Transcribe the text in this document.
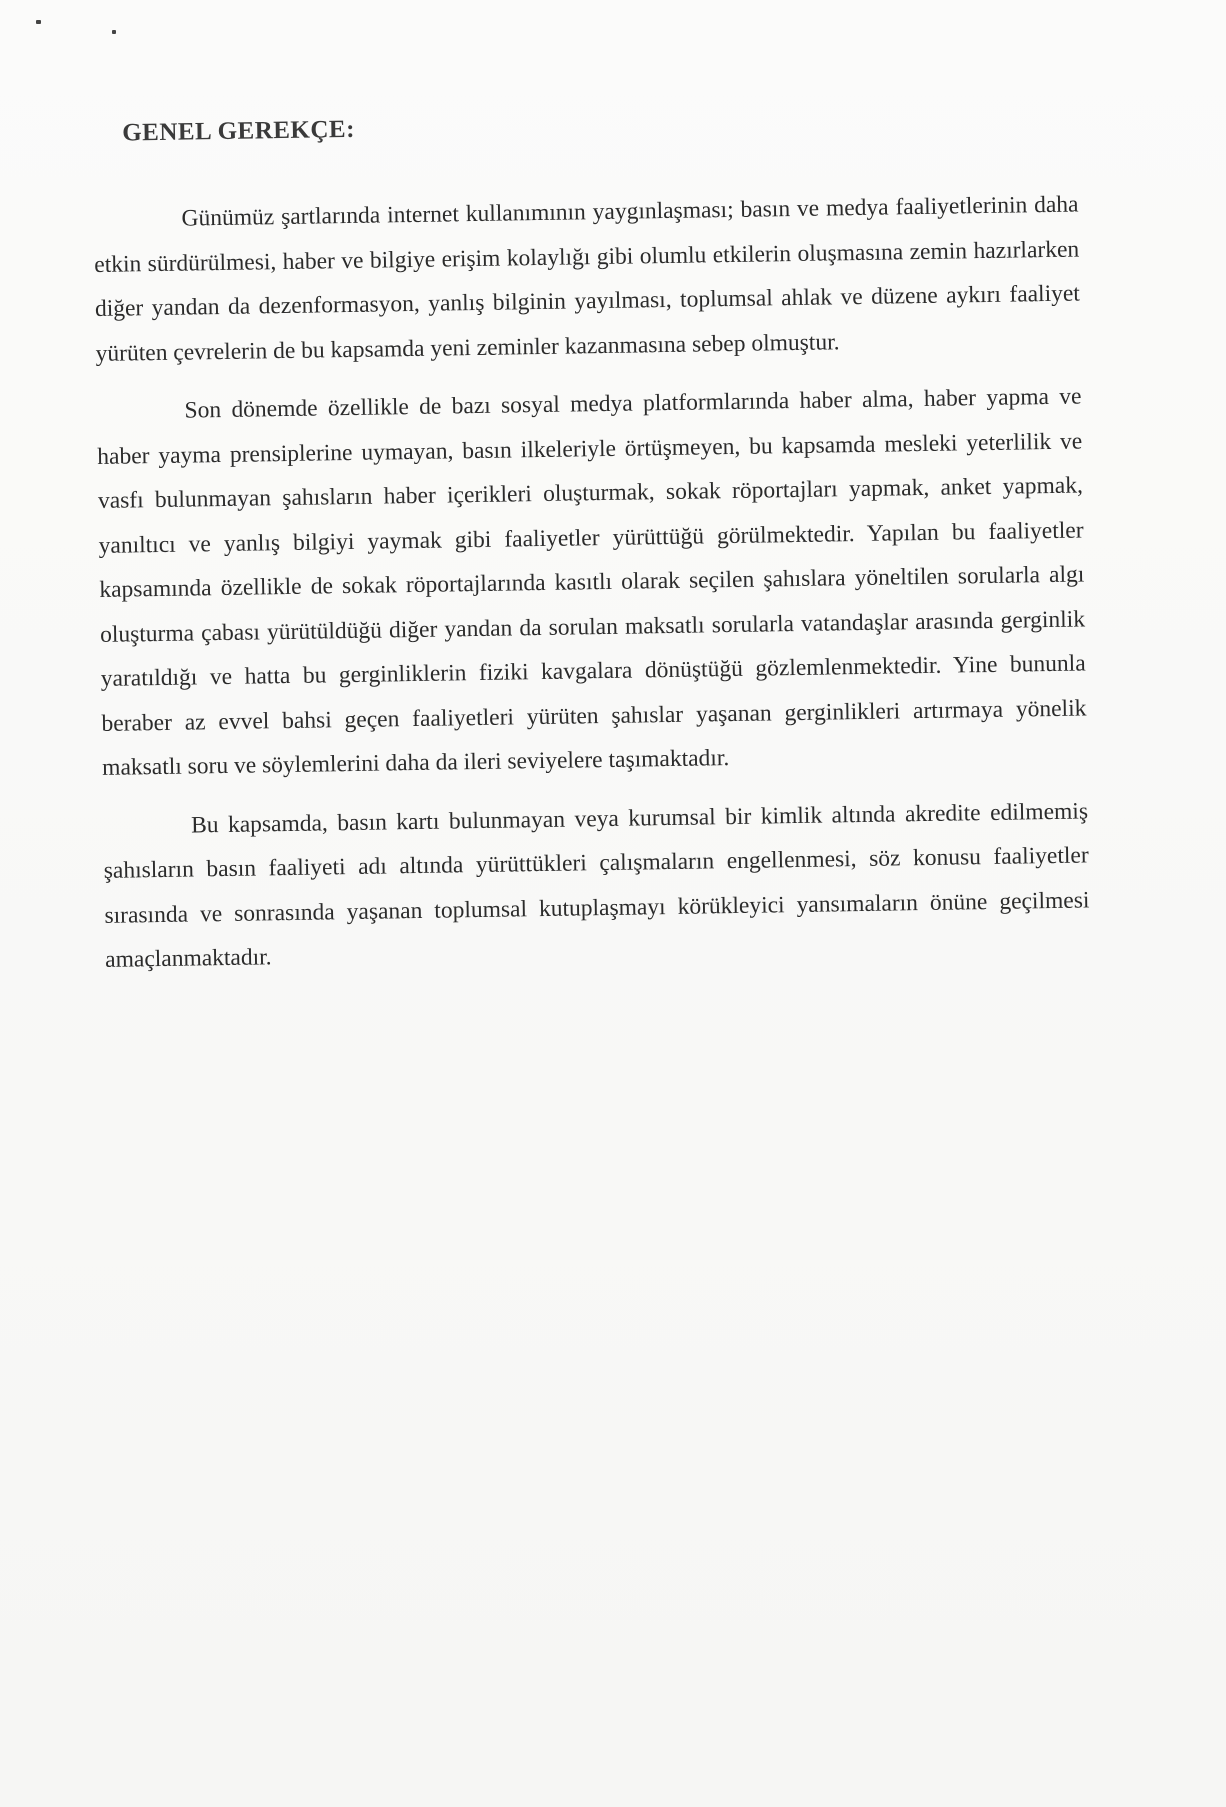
GENEL GEREKÇE:

Günümüz şartlarında internet kullanımının yaygınlaşması; basın ve medya faaliyetlerinin daha etkin sürdürülmesi, haber ve bilgiye erişim kolaylığı gibi olumlu etkilerin oluşmasına zemin hazırlarken diğer yandan da dezenformasyon, yanlış bilginin yayılması, toplumsal ahlak ve düzene aykırı faaliyet yürüten çevrelerin de bu kapsamda yeni zeminler kazanmasına sebep olmuştur.

Son dönemde özellikle de bazı sosyal medya platformlarında haber alma, haber yapma ve haber yayma prensiplerine uymayan, basın ilkeleriyle örtüşmeyen, bu kapsamda mesleki yeterlilik ve vasfı bulunmayan şahısların haber içerikleri oluşturmak, sokak röportajları yapmak, anket yapmak, yanıltıcı ve yanlış bilgiyi yaymak gibi faaliyetler yürüttüğü görülmektedir. Yapılan bu faaliyetler kapsamında özellikle de sokak röportajlarında kasıtlı olarak seçilen şahıslara yöneltilen sorularla algı oluşturma çabası yürütüldüğü diğer yandan da sorulan maksatlı sorularla vatandaşlar arasında gerginlik yaratıldığı ve hatta bu gerginliklerin fiziki kavgalara dönüştüğü gözlemlenmektedir. Yine bununla beraber az evvel bahsi geçen faaliyetleri yürüten şahıslar yaşanan gerginlikleri artırmaya yönelik maksatlı soru ve söylemlerini daha da ileri seviyelere taşımaktadır.

Bu kapsamda, basın kartı bulunmayan veya kurumsal bir kimlik altında akredite edilmemiş şahısların basın faaliyeti adı altında yürüttükleri çalışmaların engellenmesi, söz konusu faaliyetler sırasında ve sonrasında yaşanan toplumsal kutuplaşmayı körükleyici yansımaların önüne geçilmesi amaçlanmaktadır.
